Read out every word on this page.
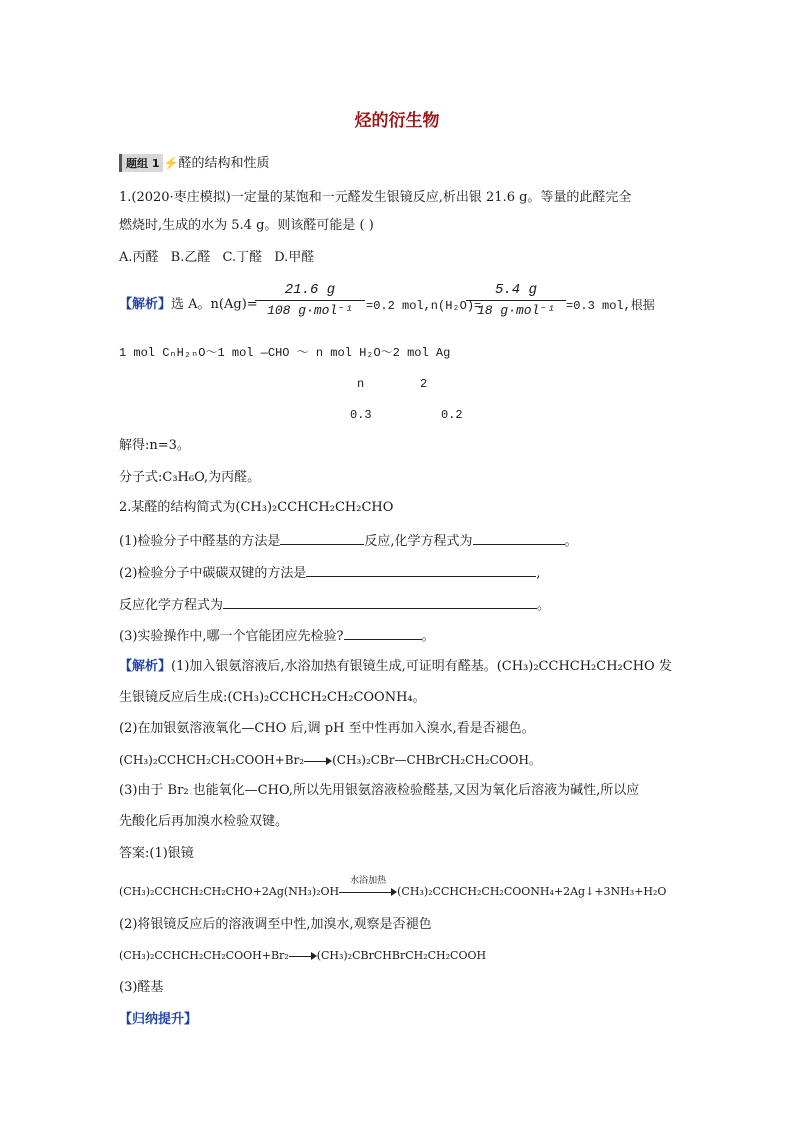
烃的衍生物
题组 1 ⚡醛的结构和性质
1.(2020·枣庄模拟)一定量的某饱和一元醛发生银镜反应,析出银 21.6 g。等量的此醛完全
燃烧时,生成的水为 5.4 g。则该醛可能是 ( )
A.丙醛 B.乙醛 C.丁醛 D.甲醛
【解析】选 A。n(Ag)=
21.6 g
108 g·mol⁻¹	=0.2 mol,n(H₂O)=
5.4 g
18 g·mol⁻¹ =0.3 mol,根据
1 mol CₙH₂ₙO～1 mol —CHO ～ n mol H₂O～2 mol Ag
n	2
0.3	0.2
解得:n=3。
分子式:C₃H₆O,为丙醛。
2.某醛的结构简式为(CH₃)₂CCHCH₂CH₂CHO
(1)检验分子中醛基的方法是	反应,化学方程式为	。
(2)检验分子中碳碳双键的方法是	,
反应化学方程式为	。
(3)实验操作中,哪一个官能团应先检验?	。
【解析】(1)加入银氨溶液后,水浴加热有银镜生成,可证明有醛基。(CH₃)₂CCHCH₂CH₂CHO 发
生银镜反应后生成:(CH₃)₂CCHCH₂CH₂COONH₄。
(2)在加银氨溶液氧化—CHO 后,调 pH 至中性再加入溴水,看是否褪色。
(CH₃)₂CCHCH₂CH₂COOH+Br₂ (CH₃)₂CBr—CHBrCH₂CH₂COOH。
(3)由于 Br₂ 也能氧化—CHO,所以先用银氨溶液检验醛基,又因为氧化后溶液为碱性,所以应
先酸化后再加溴水检验双键。
答案:(1)银镜
(CH₃)₂CCHCH₂CH₂CHO+2Ag(NH₃)₂OH
水浴加热
(CH₃)₂CCHCH₂CH₂COONH₄+2Ag↓+3NH₃+H₂O
(2)将银镜反应后的溶液调至中性,加溴水,观察是否褪色
(CH₃)₂CCHCH₂CH₂COOH+Br₂	(CH₃)₂CBrCHBrCH₂CH₂COOH
(3)醛基
【归纳提升】
